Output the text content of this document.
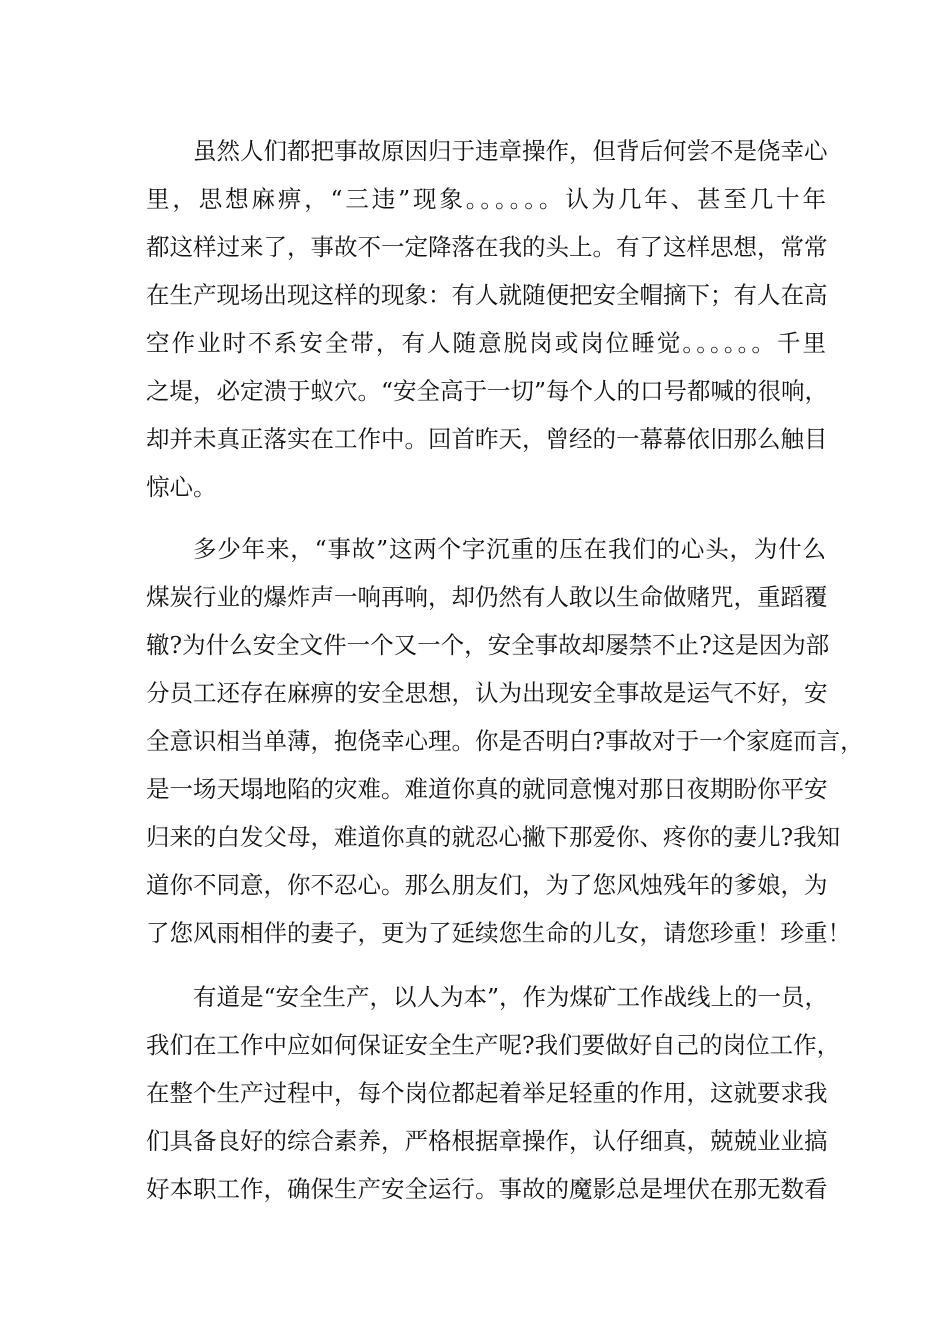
虽然人们都把事故原因归于违章操作，但背后何尝不是侥幸心
里，思想麻痹，“三违”现象。。。。。。认为几年、甚至几十年
都这样过来了，事故不一定降落在我的头上。有了这样思想，常常
在生产现场出现这样的现象：有人就随便把安全帽摘下；有人在高
空作业时不系安全带，有人随意脱岗或岗位睡觉。。。。。。千里
之堤，必定溃于蚁穴。“安全高于一切”每个人的口号都喊的很响，
却并未真正落实在工作中。回首昨天，曾经的一幕幕依旧那么触目
惊心。
多少年来，“事故”这两个字沉重的压在我们的心头，为什么
煤炭行业的爆炸声一响再响，却仍然有人敢以生命做赌咒，重蹈覆
辙?为什么安全文件一个又一个，安全事故却屡禁不止?这是因为部
分员工还存在麻痹的安全思想，认为出现安全事故是运气不好，安
全意识相当单薄，抱侥幸心理。你是否明白?事故对于一个家庭而言，
是一场天塌地陷的灾难。难道你真的就同意愧对那日夜期盼你平安
归来的白发父母，难道你真的就忍心撇下那爱你、疼你的妻儿?我知
道你不同意，你不忍心。那么朋友们，为了您风烛残年的爹娘，为
了您风雨相伴的妻子，更为了延续您生命的儿女，请您珍重！珍重！
有道是“安全生产，以人为本”，作为煤矿工作战线上的一员，
我们在工作中应如何保证安全生产呢?我们要做好自己的岗位工作，
在整个生产过程中，每个岗位都起着举足轻重的作用，这就要求我
们具备良好的综合素养，严格根据章操作，认仔细真，兢兢业业搞
好本职工作，确保生产安全运行。事故的魔影总是埋伏在那无数看
